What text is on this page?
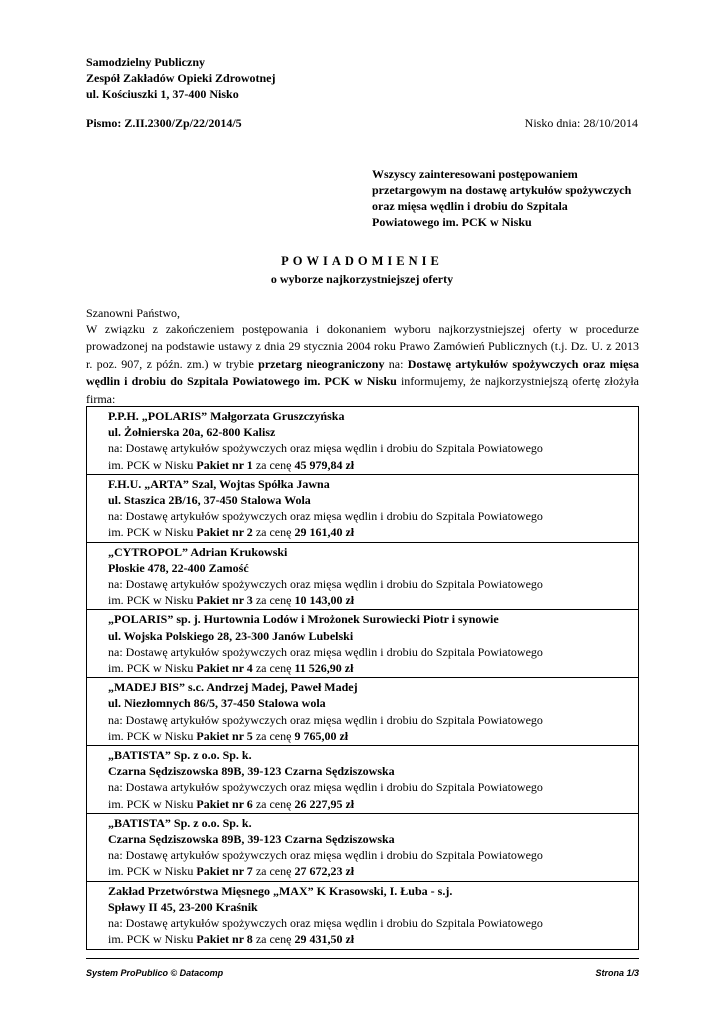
Samodzielny Publiczny
Zespół Zakładów Opieki Zdrowotnej
ul. Kościuszki 1, 37-400 Nisko
Pismo: Z.II.2300/Zp/22/2014/5	Nisko dnia: 28/10/2014
Wszyscy zainteresowani postępowaniem
przetargowym na dostawę artykułów spożywczych
oraz mięsa wędlin i drobiu do Szpitala
Powiatowego im. PCK w Nisku
POWIADOMIENIE
o wyborze najkorzystniejszej oferty
Szanowni Państwo,
W związku z zakończeniem postępowania i dokonaniem wyboru najkorzystniejszej oferty w procedurze prowadzonej na podstawie ustawy z dnia 29 stycznia 2004 roku Prawo Zamówień Publicznych (t.j. Dz. U. z 2013 r. poz. 907, z późn. zm.) w trybie przetarg nieograniczony na: Dostawę artykułów spożywczych oraz mięsa wędlin i drobiu do Szpitala Powiatowego im. PCK w Nisku informujemy, że najkorzystniejszą ofertę złożyła firma:
P.P.H. „POLARIS” Małgorzata Gruszczyńska
ul. Żołnierska 20a, 62-800 Kalisz
na: Dostawę artykułów spożywczych oraz mięsa wędlin i drobiu do Szpitala Powiatowego
im. PCK w Nisku Pakiet nr 1 za cenę 45 979,84 zł

F.H.U. „ARTA” Szal, Wojtas Spółka Jawna
ul. Staszica 2B/16, 37-450 Stalowa Wola
na: Dostawę artykułów spożywczych oraz mięsa wędlin i drobiu do Szpitala Powiatowego
im. PCK w Nisku Pakiet nr 2 za cenę 29 161,40 zł

„CYTROPOL” Adrian Krukowski
Płoskie 478, 22-400 Zamość
na: Dostawę artykułów spożywczych oraz mięsa wędlin i drobiu do Szpitala Powiatowego
im. PCK w Nisku Pakiet nr 3 za cenę 10 143,00 zł

„POLARIS” sp. j. Hurtownia Lodów i Mrożonek Surowiecki Piotr i synowie
ul. Wojska Polskiego 28, 23-300 Janów Lubelski
na: Dostawę artykułów spożywczych oraz mięsa wędlin i drobiu do Szpitala Powiatowego
im. PCK w Nisku Pakiet nr 4 za cenę 11 526,90 zł

„MADEJ BIS” s.c. Andrzej Madej, Paweł Madej
ul. Niezłomnych 86/5, 37-450 Stalowa wola
na: Dostawę artykułów spożywczych oraz mięsa wędlin i drobiu do Szpitala Powiatowego
im. PCK w Nisku Pakiet nr 5 za cenę 9 765,00 zł

„BATISTA” Sp. z o.o. Sp. k.
Czarna Sędziszowska 89B, 39-123 Czarna Sędziszowska
na: Dostawa artykułów spożywczych oraz mięsa wędlin i drobiu do Szpitala Powiatowego
im. PCK w Nisku Pakiet nr 6 za cenę 26 227,95 zł

„BATISTA” Sp. z o.o. Sp. k.
Czarna Sędziszowska 89B, 39-123 Czarna Sędziszowska
na: Dostawę artykułów spożywczych oraz mięsa wędlin i drobiu do Szpitala Powiatowego
im. PCK w Nisku Pakiet nr 7 za cenę 27 672,23 zł

Zakład Przetwórstwa Mięsnego „MAX” K Krasowski, I. Łuba - s.j.
Spławy II 45, 23-200 Kraśnik
na: Dostawę artykułów spożywczych oraz mięsa wędlin i drobiu do Szpitala Powiatowego
im. PCK w Nisku Pakiet nr 8 za cenę 29 431,50 zł
System ProPublico © Datacomp	Strona 1/3
